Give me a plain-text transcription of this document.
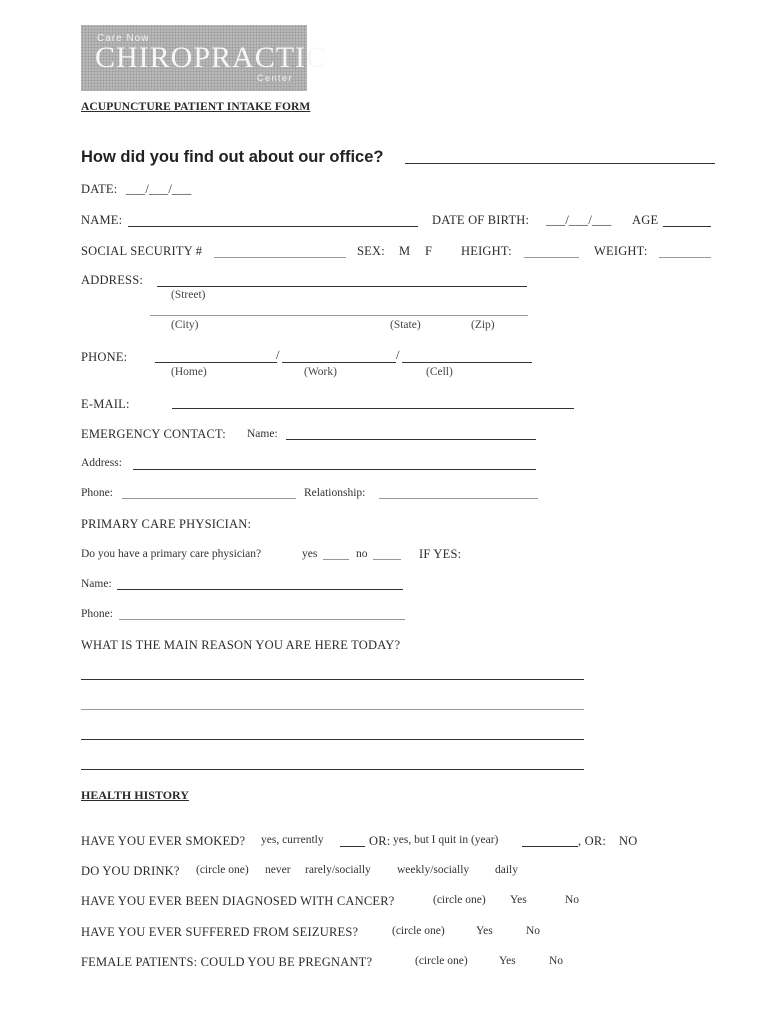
Care Now
CHIROPRACTIC
Center
ACUPUNCTURE PATIENT INTAKE FORM
How did you find out about our office?
DATE: ___/___/___
NAME:	DATE OF BIRTH: ___/___/___ AGE
SOCIAL SECURITY #	SEX: M F HEIGHT:	WEIGHT:
ADDRESS:
(Street)
(City)	(State)	(Zip)
PHONE:	/	/
(Home)	(Work)	(Cell)
E-MAIL:
EMERGENCY CONTACT: Name:
Address:
Phone:	Relationship:
PRIMARY CARE PHYSICIAN:
Do you have a primary care physician?	yes	no	IF YES:
Name:
Phone:
WHAT IS THE MAIN REASON YOU ARE HERE TODAY?
HEALTH HISTORY
HAVE YOU EVER SMOKED? yes, currently	OR: yes, but I quit in (year)	, OR: NO
DO YOU DRINK? (circle one) never rarely/socially weekly/socially daily
HAVE YOU EVER BEEN DIAGNOSED WITH CANCER?	(circle one) Yes	No
HAVE YOU EVER SUFFERED FROM SEIZURES?	(circle one)	Yes	No
FEMALE PATIENTS: COULD YOU BE PREGNANT?	(circle one)	Yes	No
